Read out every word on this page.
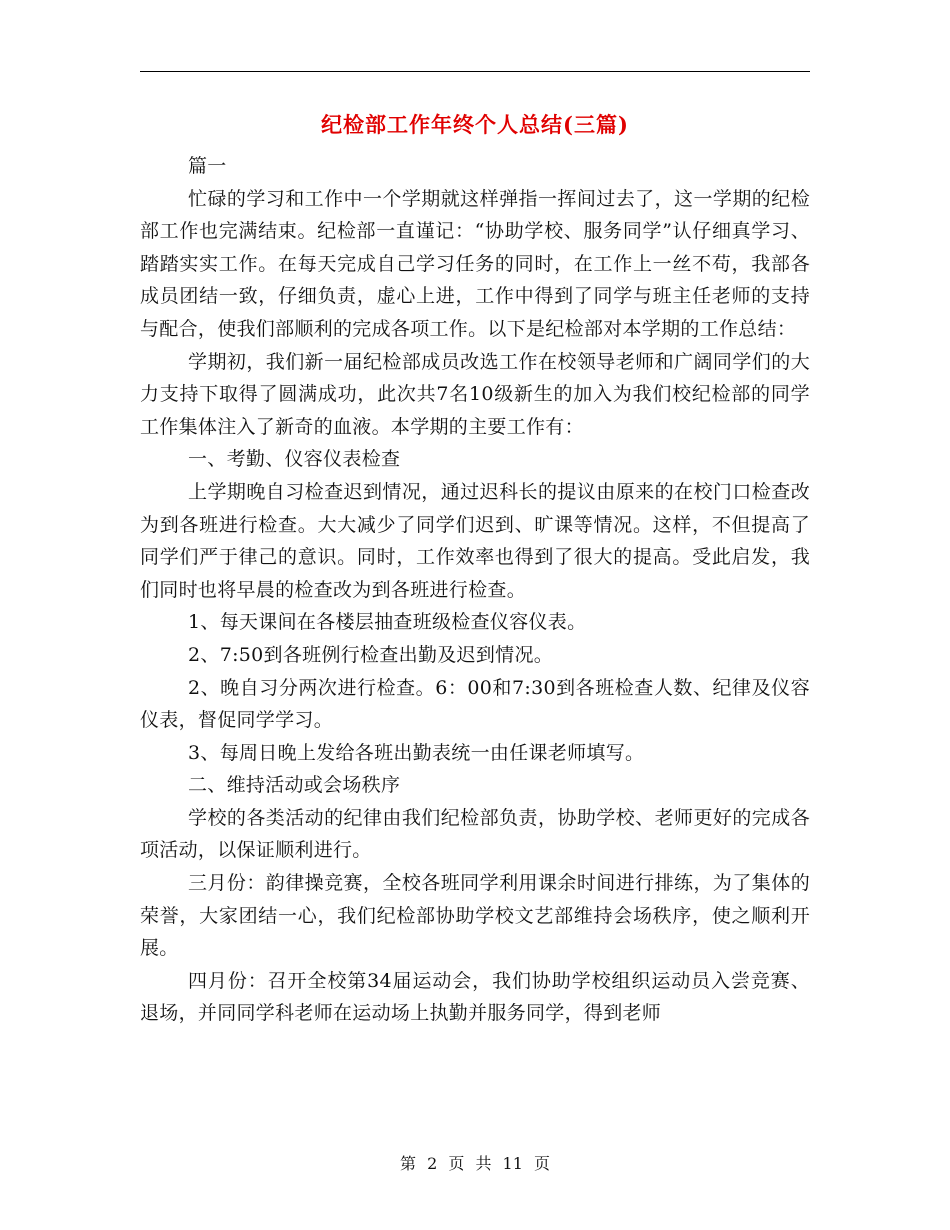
纪检部工作年终个人总结(三篇)

篇一

忙碌的学习和工作中一个学期就这样弹指一挥间过去了，这一学期的纪检部工作也完满结束。纪检部一直谨记：“协助学校、服务同学”认仔细真学习、踏踏实实工作。在每天完成自己学习任务的同时，在工作上一丝不苟，我部各成员团结一致，仔细负责，虚心上进，工作中得到了同学与班主任老师的支持与配合，使我们部顺利的完成各项工作。以下是纪检部对本学期的工作总结：

学期初，我们新一届纪检部成员改选工作在校领导老师和广阔同学们的大力支持下取得了圆满成功，此次共7名10级新生的加入为我们校纪检部的同学工作集体注入了新奇的血液。本学期的主要工作有：

一、考勤、仪容仪表检查

上学期晚自习检查迟到情况，通过迟科长的提议由原来的在校门口检查改为到各班进行检查。大大减少了同学们迟到、旷课等情况。这样，不但提高了同学们严于律己的意识。同时，工作效率也得到了很大的提高。受此启发，我们同时也将早晨的检查改为到各班进行检查。

1、每天课间在各楼层抽查班级检查仪容仪表。

2、7:50到各班例行检查出勤及迟到情况。

2、晚自习分两次进行检查。6：00和7:30到各班检查人数、纪律及仪容仪表，督促同学学习。

3、每周日晚上发给各班出勤表统一由任课老师填写。

二、维持活动或会场秩序

学校的各类活动的纪律由我们纪检部负责，协助学校、老师更好的完成各项活动，以保证顺利进行。

三月份：韵律操竞赛，全校各班同学利用课余时间进行排练，为了集体的荣誉，大家团结一心，我们纪检部协助学校文艺部维持会场秩序，使之顺利开展。

四月份：召开全校第34届运动会，我们协助学校组织运动员入尝竞赛、退场，并同同学科老师在运动场上执勤并服务同学，得到老师

第 2 页 共 11 页
